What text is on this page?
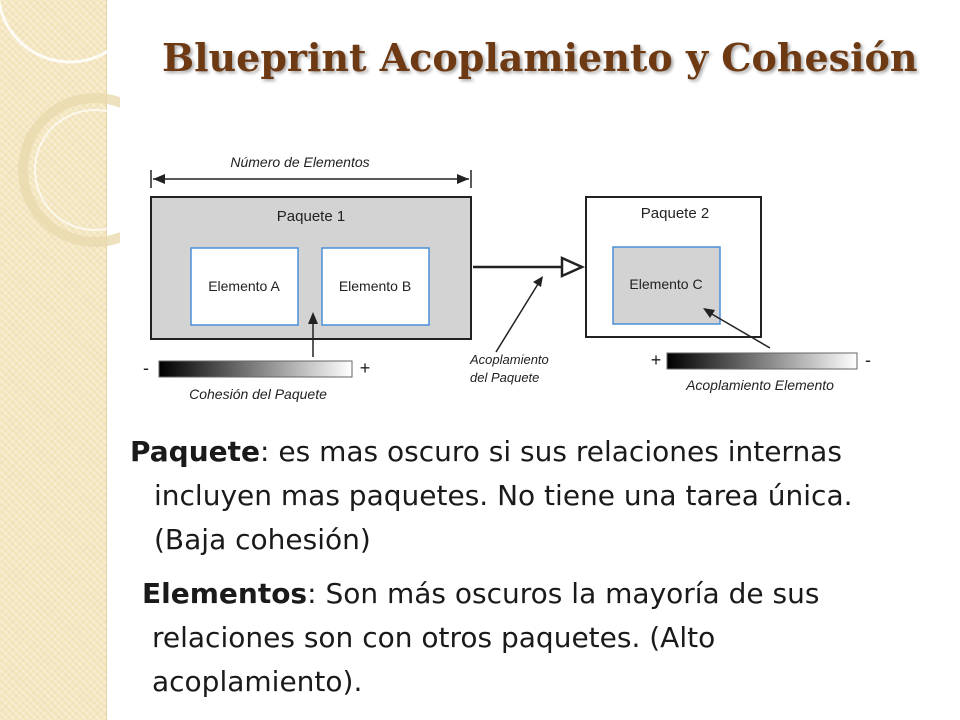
Blueprint Acoplamiento y Cohesión
Número de Elementos
Paquete 1
Elemento A	Elemento B
Paquete 2
Elemento C
-	+
Cohesión del Paquete
Acoplamiento
del Paquete
+	-
Acoplamiento Elemento

Paquete: es mas oscuro si sus relaciones internas incluyen mas paquetes. No tiene una tarea única. (Baja cohesión)

Elementos: Son más oscuros la mayoría de sus relaciones son con otros paquetes. (Alto acoplamiento).
